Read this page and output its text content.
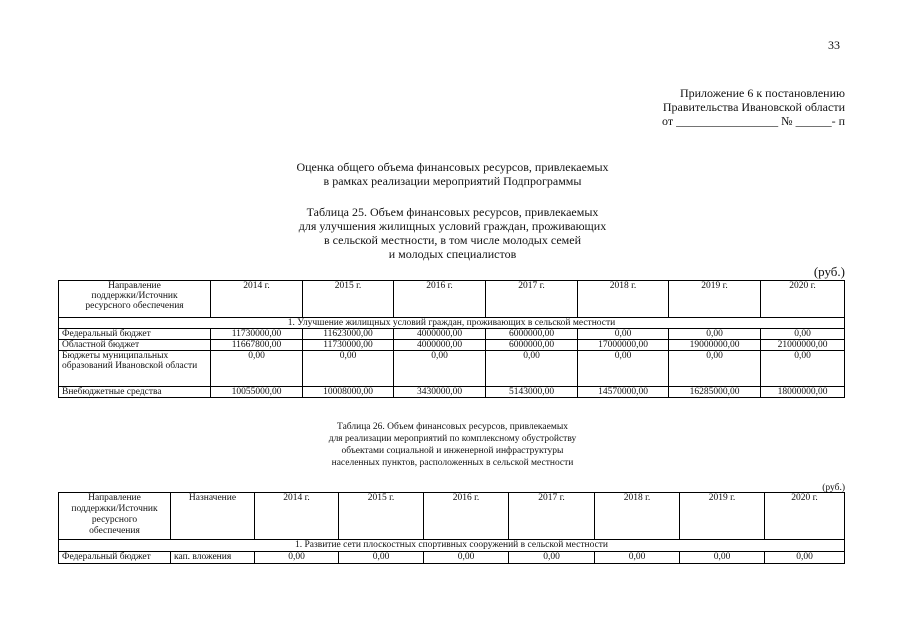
33
Приложение 6 к постановлению
Правительства Ивановской области
от _________________ № ______- п
Оценка общего объема финансовых ресурсов, привлекаемых
в рамках реализации мероприятий Подпрограммы
Таблица 25. Объем финансовых ресурсов, привлекаемых
для улучшения жилищных условий граждан, проживающих
в сельской местности, в том числе молодых семей
и молодых специалистов
(руб.)
Направление
поддержки/Источник
ресурсного обеспечения	2014 г.	2015 г.	2016 г.	2017 г.	2018 г.	2019 г.	2020 г.
1. Улучшение жилищных условий граждан, проживающих в сельской местности							
Федеральный бюджет	11730000,00	11623000,00	4000000,00	6000000,00	0,00	0,00	0,00
Областной бюджет	11667800,00	11730000,00	4000000,00	6000000,00	17000000,00	19000000,00	21000000,00
Бюджеты муниципальных образований Ивановской области	0,00	0,00	0,00	0,00	0,00	0,00	0,00
Внебюджетные средства	10055000,00	10008000,00	3430000,00	5143000,00	14570000,00	16285000,00	18000000,00
Таблица 26. Объем финансовых ресурсов, привлекаемых
для реализации мероприятий по комплексному обустройству
объектами социальной и инженерной инфраструктуры
населенных пунктов, расположенных в сельской местности
(руб.)
Направление
поддержки/Источник
ресурсного
обеспечения	Назначение	2014 г.	2015 г.	2016 г.	2017 г.	2018 г.	2019 г.	2020 г.
1. Развитие сети плоскостных спортивных сооружений в сельской местности								
Федеральный бюджет	кап. вложения	0,00	0,00	0,00	0,00	0,00	0,00	0,00
